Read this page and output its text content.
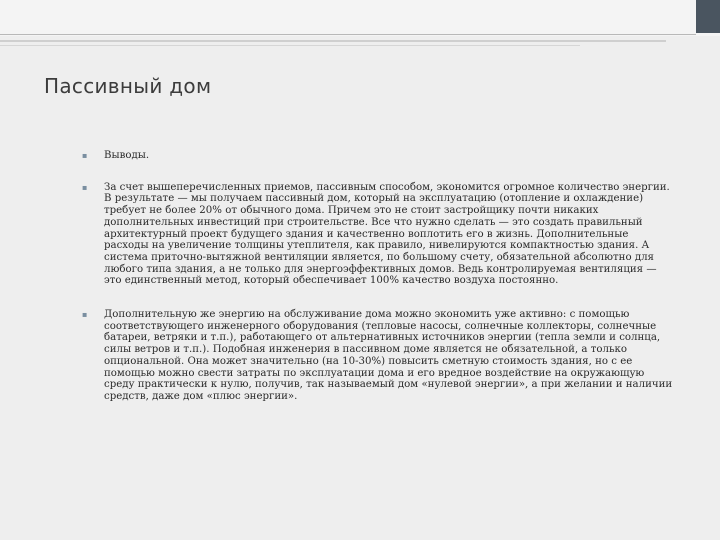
Пассивный дом
▪ Выводы.
▪ За счет вышеперечисленных приемов, пассивным способом, экономится огромное количество энергии. В результате — мы получаем пассивный дом, который на эксплуатацию (отопление и охлаждение) требует не более 20% от обычного дома. Причем это не стоит застройщику почти никаких дополнительных инвестиций при строительстве. Все что нужно сделать — это создать правильный архитектурный проект будущего здания и качественно воплотить его в жизнь. Дополнительные расходы на увеличение толщины утеплителя, как правило, нивелируются компактностью здания. А система приточно-вытяжной вентиляции является, по большому счету, обязательной абсолютно для любого типа здания, а не только для энергоэффективных домов. Ведь контролируемая вентиляция — это единственный метод, который обеспечивает 100% качество воздуха постоянно.
▪ Дополнительную же энергию на обслуживание дома можно экономить уже активно: с помощью соответствующего инженерного оборудования (тепловые насосы, солнечные коллекторы, солнечные батареи, ветряки и т.п.), работающего от альтернативных источников энергии (тепла земли и солнца, силы ветров и т.п.). Подобная инженерия в пассивном доме является не обязательной, а только опциональной. Она может значительно (на 10-30%) повысить сметную стоимость здания, но с ее помощью можно свести затраты по эксплуатации дома и его вредное воздействие на окружающую среду практически к нулю, получив, так называемый дом «нулевой энергии», а при желании и наличии средств, даже дом «плюс энергии».
